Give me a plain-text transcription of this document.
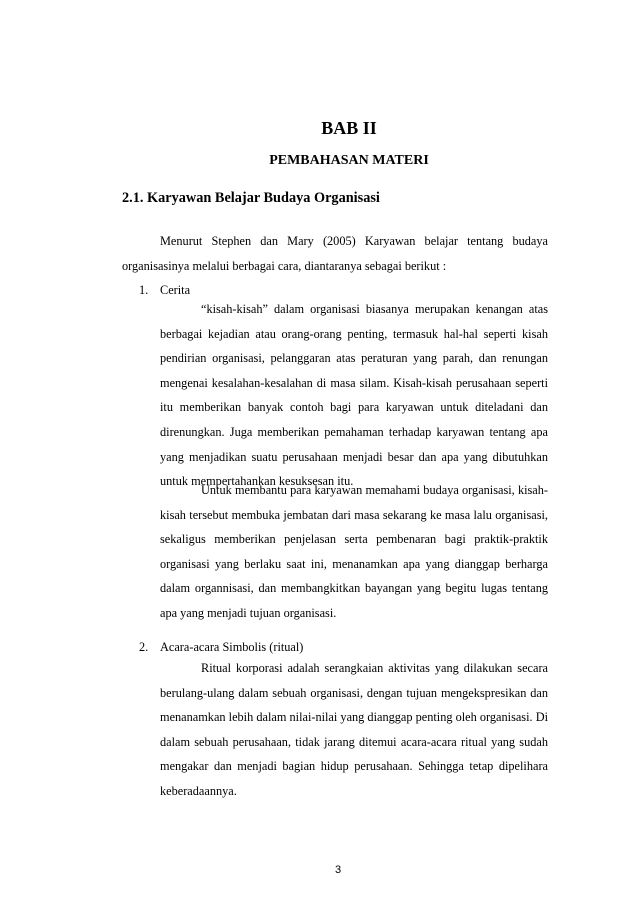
BAB II
PEMBAHASAN MATERI
2.1. Karyawan Belajar Budaya Organisasi
Menurut Stephen dan Mary (2005) Karyawan belajar tentang budaya organisasinya melalui berbagai cara, diantaranya sebagai berikut :
1. Cerita
“kisah-kisah” dalam organisasi biasanya merupakan kenangan atas berbagai kejadian atau orang-orang penting, termasuk hal-hal seperti kisah pendirian organisasi, pelanggaran atas peraturan yang parah, dan renungan mengenai kesalahan-kesalahan di masa silam. Kisah-kisah perusahaan seperti itu memberikan banyak contoh bagi para karyawan untuk diteladani dan direnungkan. Juga memberikan pemahaman terhadap karyawan tentang apa yang menjadikan suatu perusahaan menjadi besar dan apa yang dibutuhkan untuk mempertahankan kesuksesan itu.
Untuk membantu para karyawan memahami budaya organisasi, kisah-kisah tersebut membuka jembatan dari masa sekarang ke masa lalu organisasi, sekaligus memberikan penjelasan serta pembenaran bagi praktik-praktik organisasi yang berlaku saat ini, menanamkan apa yang dianggap berharga dalam organnisasi, dan membangkitkan bayangan yang begitu lugas tentang apa yang menjadi tujuan organisasi.
2. Acara-acara Simbolis (ritual)
Ritual korporasi adalah serangkaian aktivitas yang dilakukan secara berulang-ulang dalam sebuah organisasi, dengan tujuan mengekspresikan dan menanamkan lebih dalam nilai-nilai yang dianggap penting oleh organisasi. Di dalam sebuah perusahaan, tidak jarang ditemui acara-acara ritual yang sudah mengakar dan menjadi bagian hidup perusahaan. Sehingga tetap dipelihara keberadaannya.
3
